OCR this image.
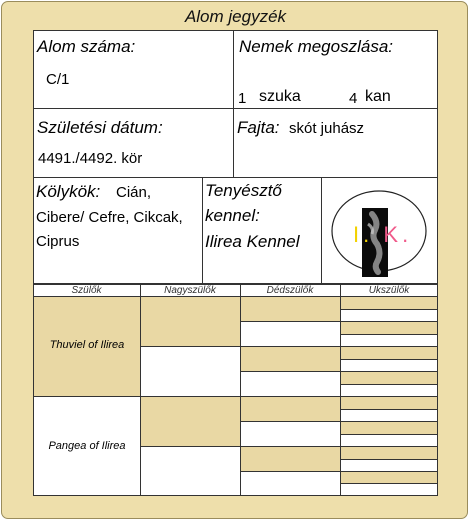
Alom jegyzék
Alom száma:
C/1
Nemek megoszlása:
1 szuka	4 kan
Születési dátum:
4491./4492. kör
Fajta: skót juhász
Kölykök: Cián,
Cibere/ Cefre, Cikcak,
Ciprus
Tenyésztő
kennel:
Ilirea Kennel I. K.
Szülők	Nagyszülők	Dédszülők	Ukszülők
Thuviel of Ilirea
Pangea of Ilirea
